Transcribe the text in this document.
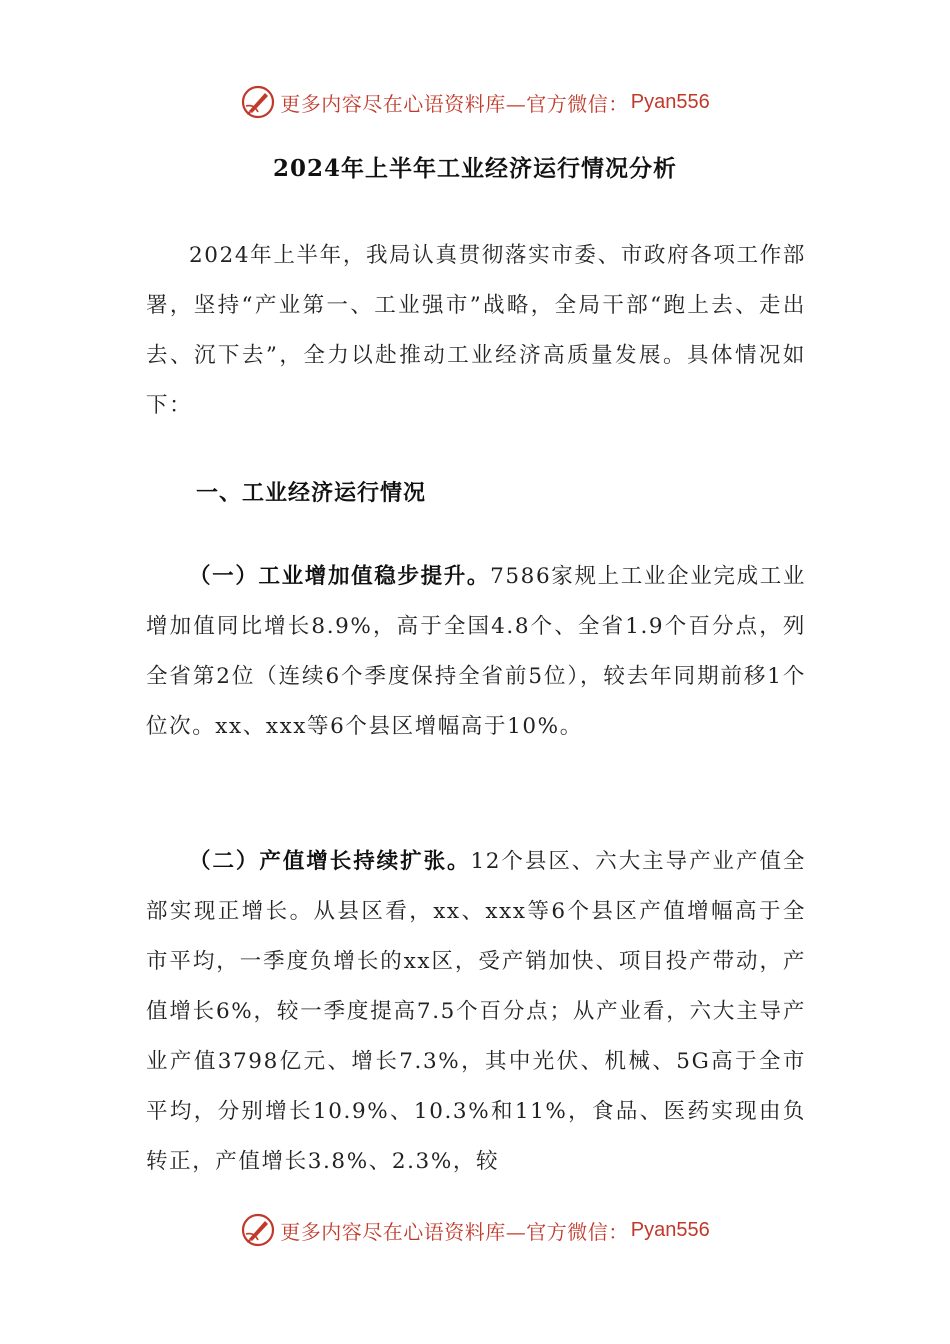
更多内容尽在心语资料库—官方微信： Pyan556
2024年上半年工业经济运行情况分析

2024年上半年，我局认真贯彻落实市委、市政府各项工作部署，坚持“产业第一、工业强市”战略，全局干部“跑上去、走出去、沉下去”，全力以赴推动工业经济高质量发展。具体情况如下：

一、工业经济运行情况

（一）工业增加值稳步提升。7586家规上工业企业完成工业增加值同比增长8.9%，高于全国4.8个、全省1.9个百分点，列全省第2位（连续6个季度保持全省前5位），较去年同期前移1个位次。xx、xxx等6个县区增幅高于10%。

（二）产值增长持续扩张。12个县区、六大主导产业产值全部实现正增长。从县区看，xx、xxx等6个县区产值增幅高于全市平均，一季度负增长的xx区，受产销加快、项目投产带动，产值增长6%，较一季度提高7.5个百分点；从产业看，六大主导产业产值3798亿元、增长7.3%，其中光伏、机械、5G高于全市平均，分别增长10.9%、10.3%和11%，食品、医药实现由负转正，产值增长3.8%、2.3%，较

更多内容尽在心语资料库—官方微信： Pyan556
